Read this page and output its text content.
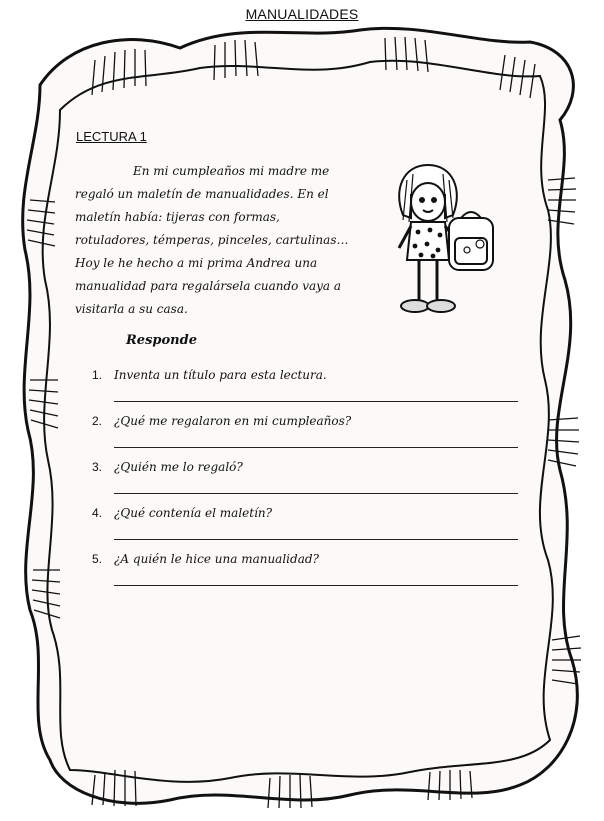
MANUALIDADES
LECTURA 1

En mi cumpleaños mi madre me

regaló un maletín de manualidades. En el
maletín había: tijeras con formas,
rotuladores, témperas, pinceles, cartulinas…
Hoy le he hecho a mi prima Andrea una
manualidad para regalársela cuando vaya a
visitarla a su casa.
Responde
1. Inventa un título para esta lectura.
2. ¿Qué me regalaron en mi cumpleaños?
3. ¿Quién me lo regaló?
4. ¿Qué contenía el maletín?
5. ¿A quién le hice una manualidad?
